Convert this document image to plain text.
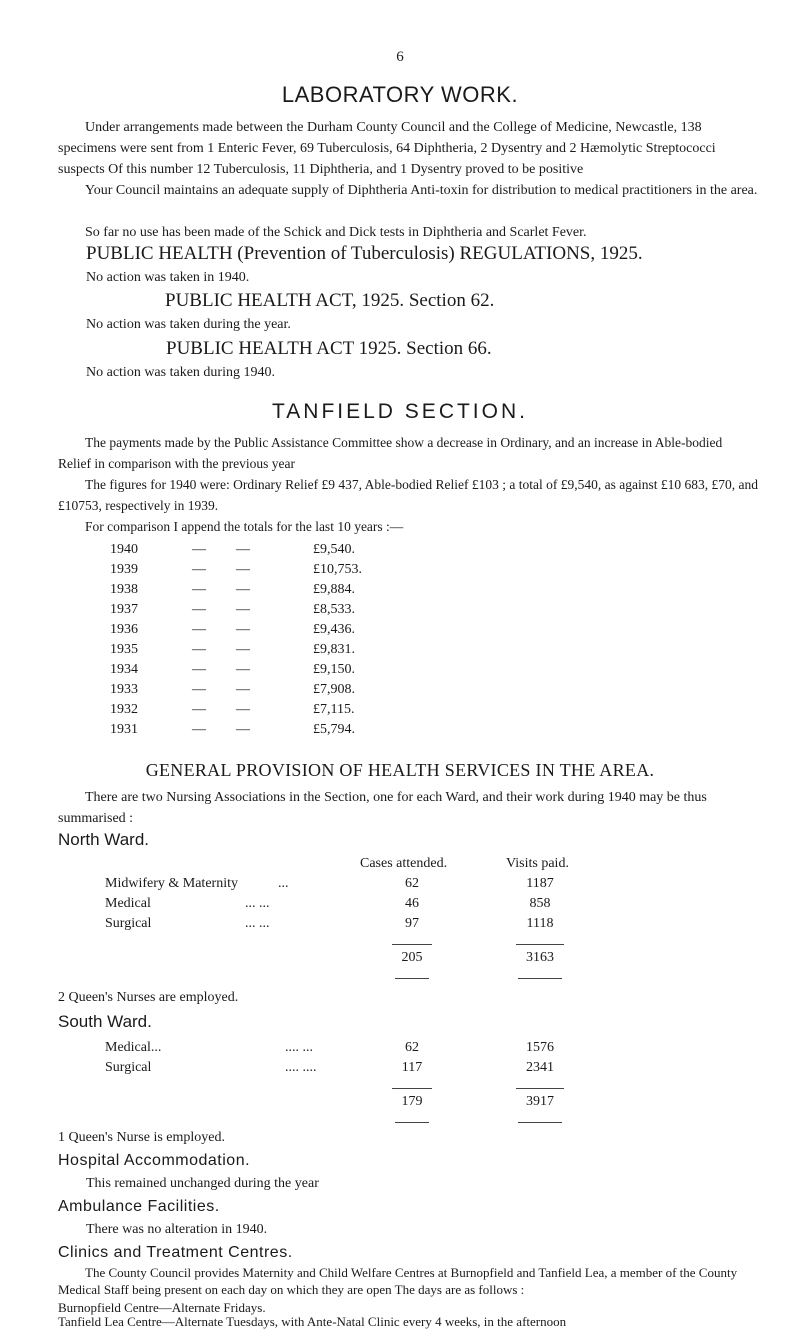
6
LABORATORY WORK.
Under arrangements made between the Durham County Council and the College of Medicine, Newcastle, 138 specimens were sent from 1 Enteric Fever, 69 Tuberculosis, 64 Diphtheria, 2 Dysentry and 2 Hæmolytic Streptococci suspects Of this number 12 Tuberculosis, 11 Diphtheria, and 1 Dysentry proved to be positive
Your Council maintains an adequate supply of Diphtheria Anti-toxin for distribution to medical practitioners in the area.
So far no use has been made of the Schick and Dick tests in Diphtheria and Scarlet Fever.
PUBLIC HEALTH (Prevention of Tuberculosis) REGULATIONS, 1925.
No action was taken in 1940.
PUBLIC HEALTH ACT, 1925. Section 62.
No action was taken during the year.
PUBLIC HEALTH ACT 1925. Section 66.
No action was taken during 1940.
TANFIELD SECTION.
The payments made by the Public Assistance Committee show a decrease in Ordinary, and an increase in Able-bodied Relief in comparison with the previous year
The figures for 1940 were: Ordinary Relief £9 437, Able-bodied Relief £103 ; a total of £9,540, as against £10 683, £70, and £10753, respectively in 1939.
For comparison I append the totals for the last 10 years :—
1940	— —	£9,540.
1939	— —	£10,753.
1938	— —	£9,884.
1937	— —	£8,533.
1936	— —	£9,436.
1935	— —	£9,831.
1934	— —	£9,150.
1933	— —	£7,908.
1932	— —	£7,115.
1931	— —	£5,794.
GENERAL PROVISION OF HEALTH SERVICES IN THE AREA.
There are two Nursing Associations in the Section, one for each Ward, and their work during 1940 may be thus summarised :
North Ward.
Cases attended.	Visits paid.
Midwifery & Maternity	...	62	1187
Medical	... ...	46	858
Surgical	... ...	97	1118
205	3163
2 Queen's Nurses are employed.
South Ward.
Medical...	.... ...	62	1576
Surgical	.... ....	117	2341
179	3917
1 Queen's Nurse is employed.
Hospital Accommodation.
This remained unchanged during the year
Ambulance Facilities.
There was no alteration in 1940.
Clinics and Treatment Centres.
The County Council provides Maternity and Child Welfare Centres at Burnopfield and Tanfield Lea, a member of the County Medical Staff being present on each day on which they are open The days are as follows :
Burnopfield Centre—Alternate Fridays.
Tanfield Lea Centre—Alternate Tuesdays, with Ante-Natal Clinic every 4 weeks, in the afternoon
